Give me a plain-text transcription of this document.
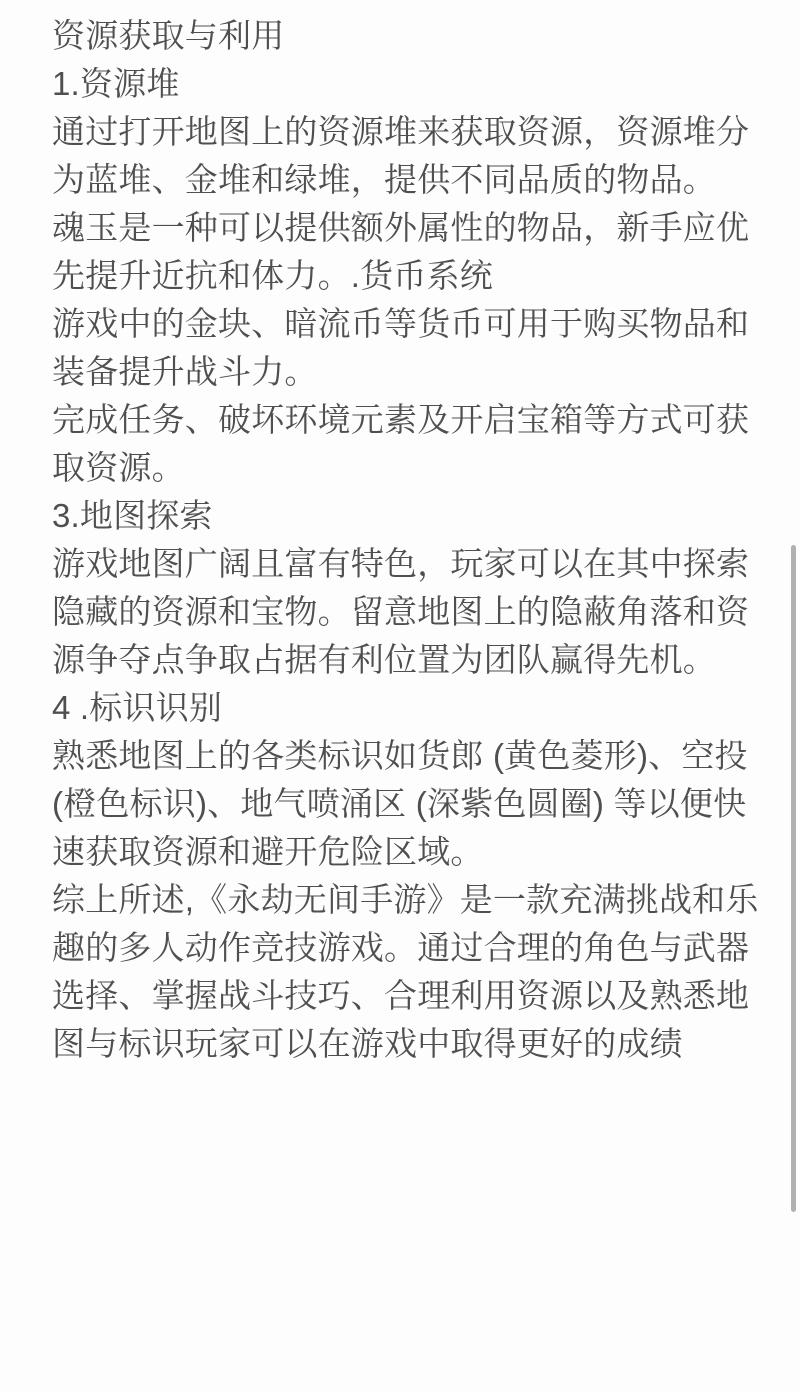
资源获取与利用
1.资源堆
通过打开地图上的资源堆来获取资源，资源堆分
为蓝堆、金堆和绿堆，提供不同品质的物品。
魂玉是一种可以提供额外属性的物品，新手应优
先提升近抗和体力。.货币系统
游戏中的金块、暗流币等货币可用于购买物品和
装备提升战斗力。
完成任务、破坏环境元素及开启宝箱等方式可获
取资源。
3.地图探索
游戏地图广阔且富有特色，玩家可以在其中探索
隐藏的资源和宝物。留意地图上的隐蔽角落和资
源争夺点争取占据有利位置为团队赢得先机。
4 .标识识别
熟悉地图上的各类标识如货郎 (黄色菱形)、空投
(橙色标识)、地气喷涌区 (深紫色圆圈) 等以便快
速获取资源和避开危险区域。
综上所述,《永劫无间手游》是一款充满挑战和乐
趣的多人动作竞技游戏。通过合理的角色与武器
选择、掌握战斗技巧、合理利用资源以及熟悉地
图与标识玩家可以在游戏中取得更好的成绩
